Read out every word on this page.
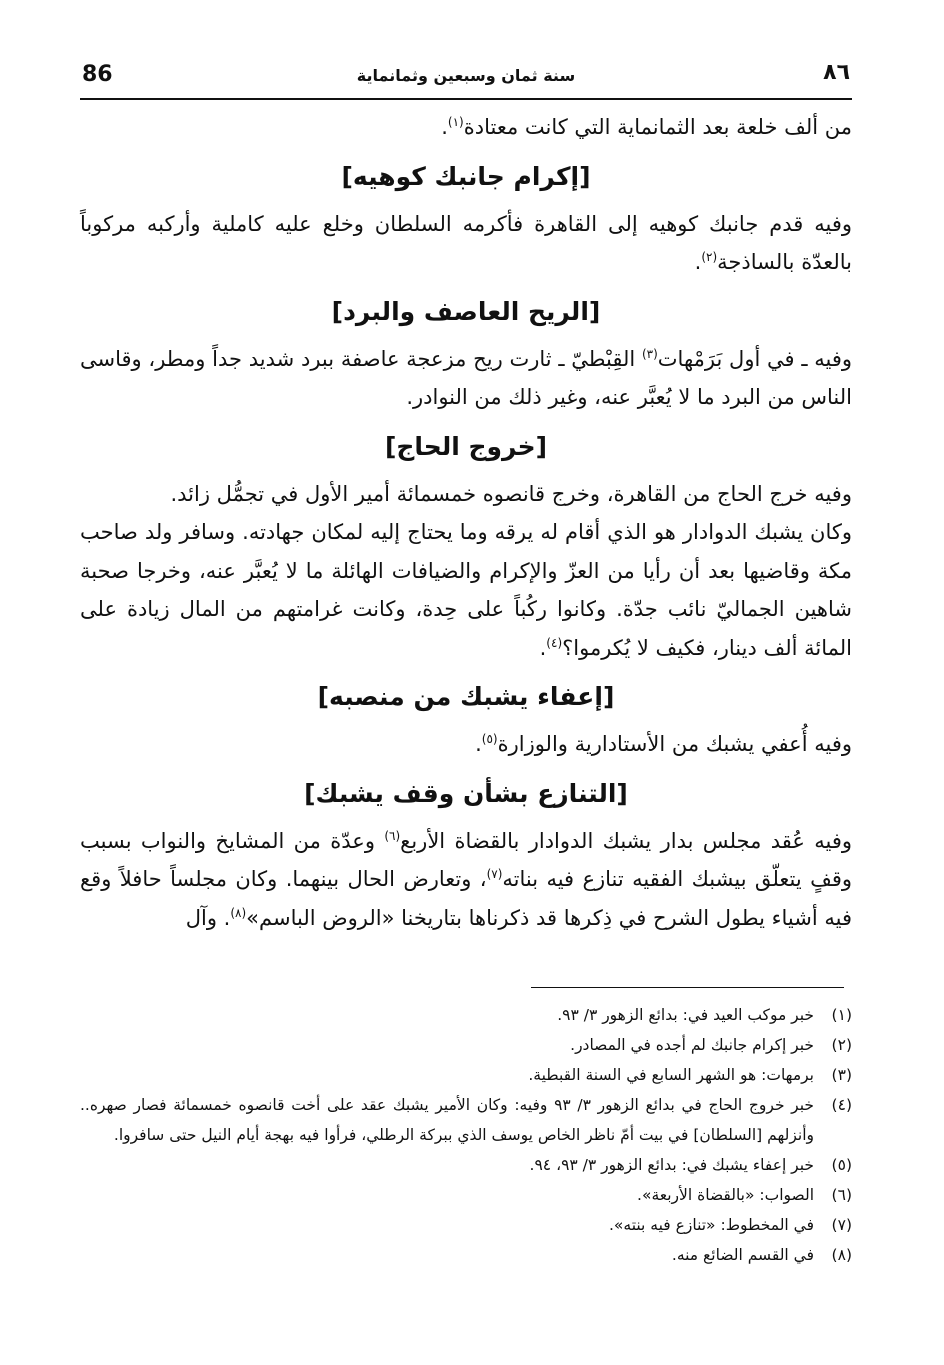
86	سنة ثمان وسبعين وثمانماية	٨٦

من ألف خلعة بعد الثمانماية التي كانت معتادة$^{(١)}$.

[إكرام جانبك كوهيه]

وفيه قدم جانبك كوهيه إلى القاهرة فأكرمه السلطان وخلع عليه كاملية وأركبه مركوباً بالعدّة بالساذجة$^{(٢)}$.

[الريح العاصف والبرد]

وفيه ـ في أول بَرَمْهات$^{(٣)}$ القِبْطيّ ـ ثارت ريح مزعجة عاصفة ببرد شديد جداً ومطر، وقاسى الناس من البرد ما لا يُعبَّر عنه، وغير ذلك من النوادر.

[خروج الحاج]

وفيه خرج الحاج من القاهرة، وخرج قانصوه خمسمائة أمير الأول في تجمُّل زائد.

وكان يشبك الدوادار هو الذي أقام له يرقه وما يحتاج إليه لمكان جهادته. وسافر ولد صاحب مكة وقاضيها بعد أن رأيا من العزّ والإكرام والضيافات الهائلة ما لا يُعبَّر عنه، وخرجا صحبة شاهين الجماليّ نائب جدّة. وكانوا ركُباً على حِدة، وكانت غرامتهم من المال زيادة على المائة ألف دينار، فكيف لا يُكرموا؟$^{(٤)}$.

[إعفاء يشبك من منصبه]

وفيه أُعفي يشبك من الأستادارية والوزارة$^{(٥)}$.

[التنازع بشأن وقف يشبك]

وفيه عُقد مجلس بدار يشبك الدوادار بالقضاة الأربع$^{(٦)}$ وعدّة من المشايخ والنواب بسبب وقفٍ يتعلّق بيشبك الفقيه تنازع فيه بناته$^{(٧)}$، وتعارض الحال بينهما. وكان مجلساً حافلاً وقع فيه أشياء يطول الشرح في ذِكرها قد ذكرناها بتاريخنا «الروض الباسم»$^{(٨)}$. وآل

(١)
خبر موكب العيد في: بدائع الزهور ٣/ ٩٣.
(٢)
خبر إكرام جانبك لم أجده في المصادر.
(٣)
برمهات: هو الشهر السابع في السنة القبطية.
(٤)
خبر خروج الحاج في بدائع الزهور ٣/ ٩٣ وفيه: وكان الأمير يشبك عقد على أخت قانصوه خمسمائة فصار صهره.. وأنزلهم [السلطان] في بيت أمّ ناظر الخاص يوسف الذي ببركة الرطلي، فرأوا فيه بهجة أيام النيل حتى سافروا.
(٥)
خبر إعفاء يشبك في: بدائع الزهور ٣/ ٩٣، ٩٤.
(٦)
الصواب: «بالقضاة الأربعة».
(٧)
في المخطوط: «تنازع فيه بنته».
(٨)
في القسم الضائع منه.
